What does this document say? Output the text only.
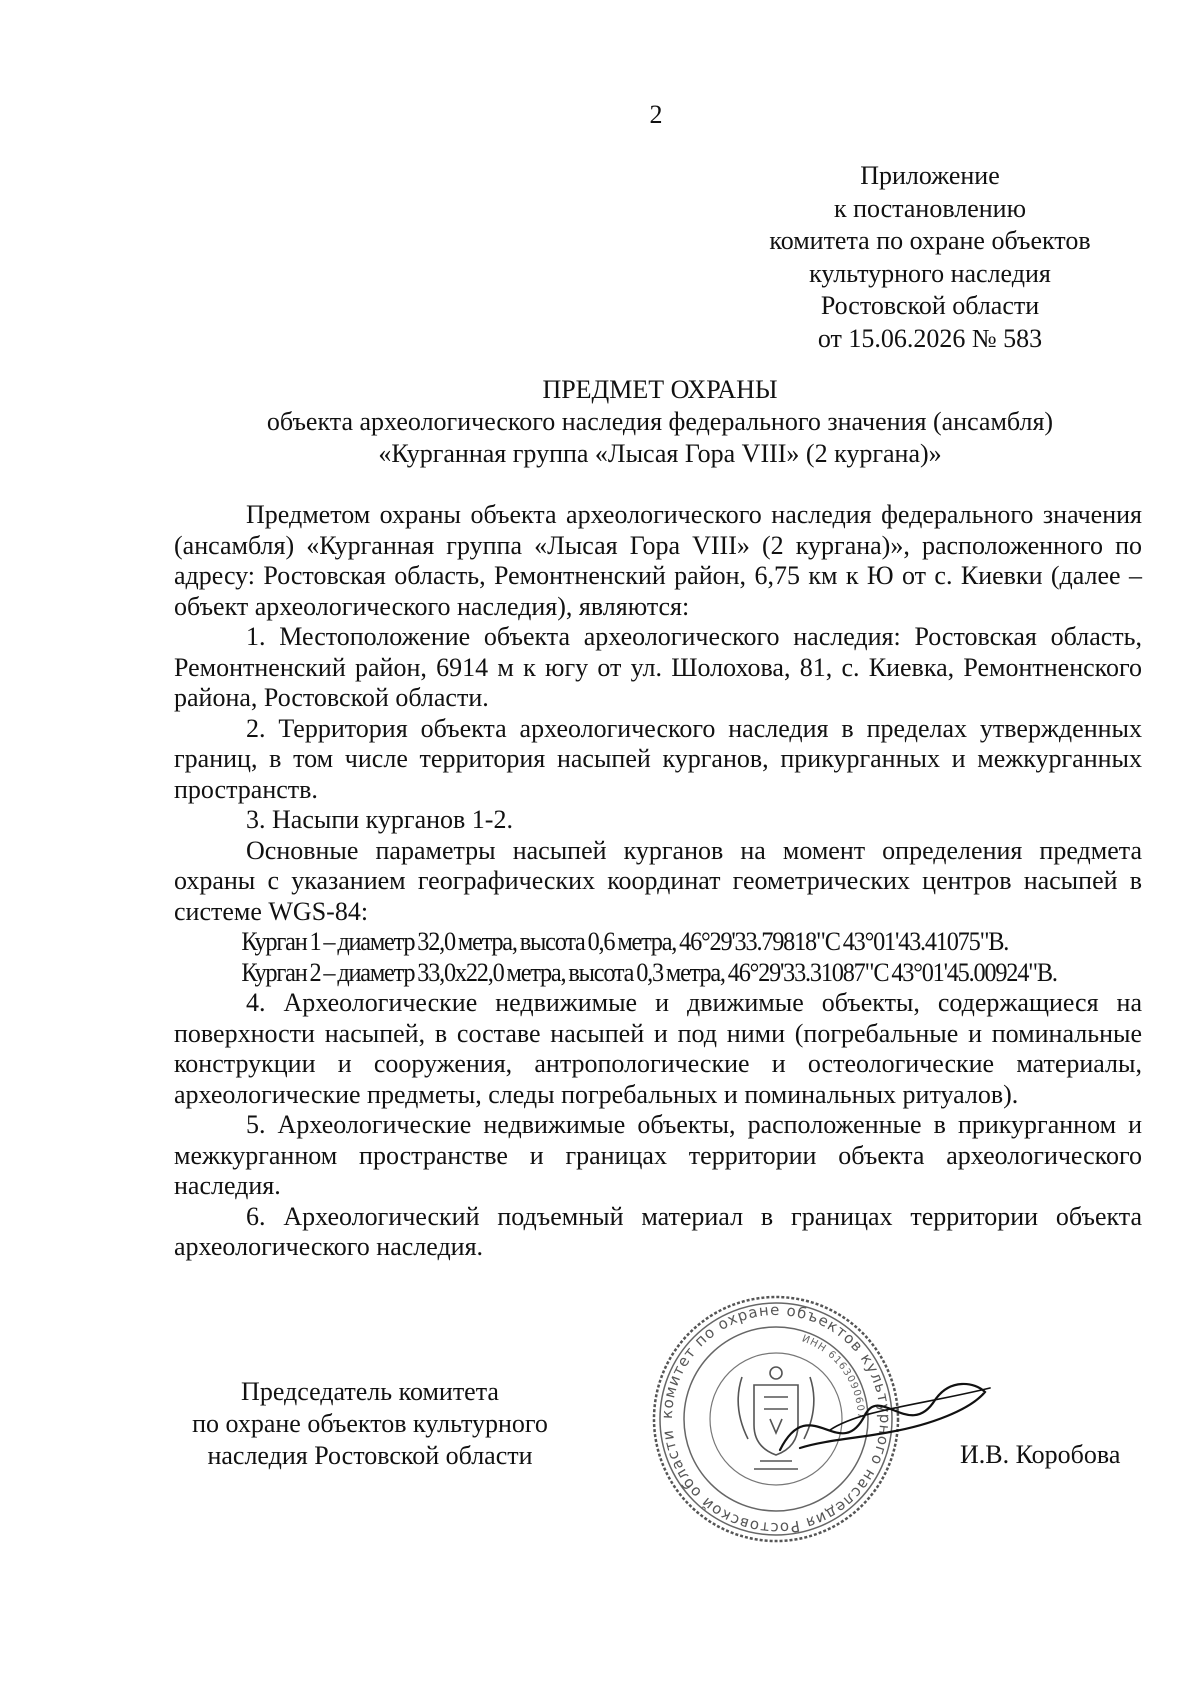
2
Приложение
к постановлению
комитета по охране объектов
культурного наследия
Ростовской области
от 15.06.2026 № 583
ПРЕДМЕТ ОХРАНЫ
объекта археологического наследия федерального значения (ансамбля)
«Курганная группа «Лысая Гора VIII» (2 кургана)»

Предметом охраны объекта археологического наследия федерального значения (ансамбля) «Курганная группа «Лысая Гора VIII» (2 кургана)», расположенного по адресу: Ростовская область, Ремонтненский район, 6,75 км к Ю от с. Киевки (далее – объект археологического наследия), являются:

1. Местоположение объекта археологического наследия: Ростовская область, Ремонтненский район, 6914 м к югу от ул. Шолохова, 81, с. Киевка, Ремонтненского района, Ростовской области.

2. Территория объекта археологического наследия в пределах утвержденных границ, в том числе территория насыпей курганов, прикурганных и межкурганных пространств.

3. Насыпи курганов 1-2.

Основные параметры насыпей курганов на момент определения предмета охраны с указанием географических координат геометрических центров насыпей в системе WGS-84:

Курган 1 – диаметр 32,0 метра, высота 0,6 метра, 46°29'33.79818"С 43°01'43.41075"В.

Курган 2 – диаметр 33,0х22,0 метра, высота 0,3 метра, 46°29'33.31087"С 43°01'45.00924"В.

4. Археологические недвижимые и движимые объекты, содержащиеся на поверхности насыпей, в составе насыпей и под ними (погребальные и поминальные конструкции и сооружения, антропологические и остеологические материалы, археологические предметы, следы погребальных и поминальных ритуалов).

5. Археологические недвижимые объекты, расположенные в прикурганном и межкурганном пространстве и границах территории объекта археологического наследия.

6. Археологический подъемный материал в границах территории объекта археологического наследия.

Председатель комитета
по охране объектов культурного
наследия Ростовской области
комитет по охране объектов культурного наследия Ростовской области
ИНН 6163090607
И.В. Коробова
